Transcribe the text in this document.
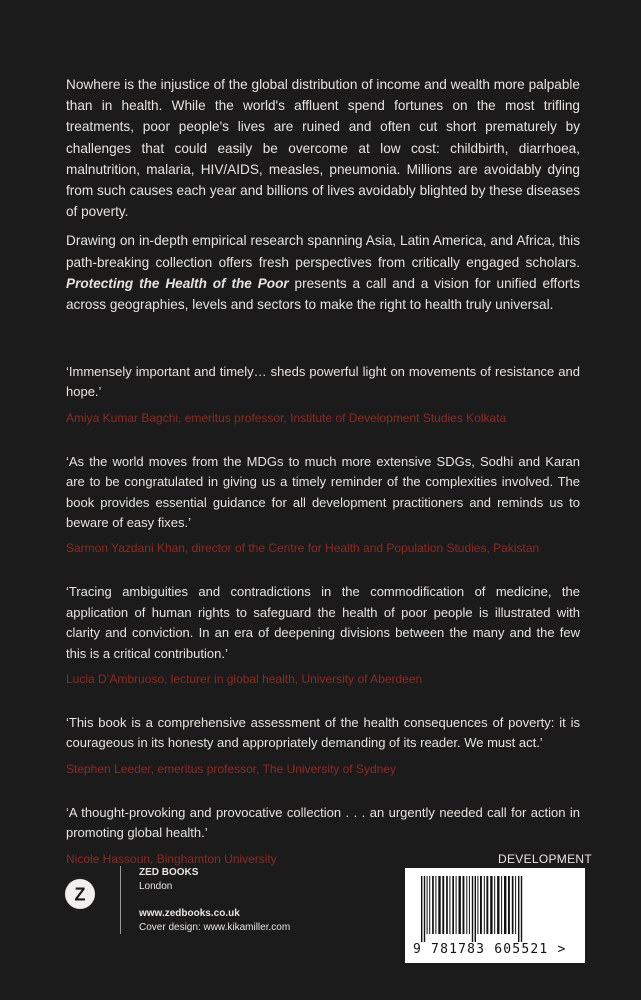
Nowhere is the injustice of the global distribution of income and wealth more palpable than in health. While the world's affluent spend fortunes on the most trifling treatments, poor people's lives are ruined and often cut short prematurely by challenges that could easily be overcome at low cost: childbirth, diarrhoea, malnutrition, malaria, HIV/AIDS, measles, pneumonia. Millions are avoidably dying from such causes each year and billions of lives avoidably blighted by these diseases of poverty.

Drawing on in-depth empirical research spanning Asia, Latin America, and Africa, this path-breaking collection offers fresh perspectives from critically engaged scholars. Protecting the Health of the Poor presents a call and a vision for unified efforts across geographies, levels and sectors to make the right to health truly universal.

‘Immensely important and timely… sheds powerful light on movements of resistance and hope.’
Amiya Kumar Bagchi, emeritus professor, Institute of Development Studies Kolkata
‘As the world moves from the MDGs to much more extensive SDGs, Sodhi and Karan are to be congratulated in giving us a timely reminder of the complexities involved. The book provides essential guidance for all development practitioners and reminds us to beware of easy fixes.’
Sarmon Yazdani Khan, director of the Centre for Health and Population Studies, Pakistan
‘Tracing ambiguities and contradictions in the commodification of medicine, the application of human rights to safeguard the health of poor people is illustrated with clarity and conviction. In an era of deepening divisions between the many and the few this is a critical contribution.’
Lucia D’Ambruoso, lecturer in global health, University of Aberdeen
‘This book is a comprehensive assessment of the health consequences of poverty: it is courageous in its honesty and appropriately demanding of its reader. We must act.’
Stephen Leeder, emeritus professor, The University of Sydney
‘A thought-provoking and provocative collection . . . an urgently needed call for action in promoting global health.’
Nicole Hassoun, Binghamton University	DEVELOPMENT
Z
ZED BOOKS
London
www.zedbooks.co.uk
Cover design: www.kikamiller.com
9 781783 605521 >
